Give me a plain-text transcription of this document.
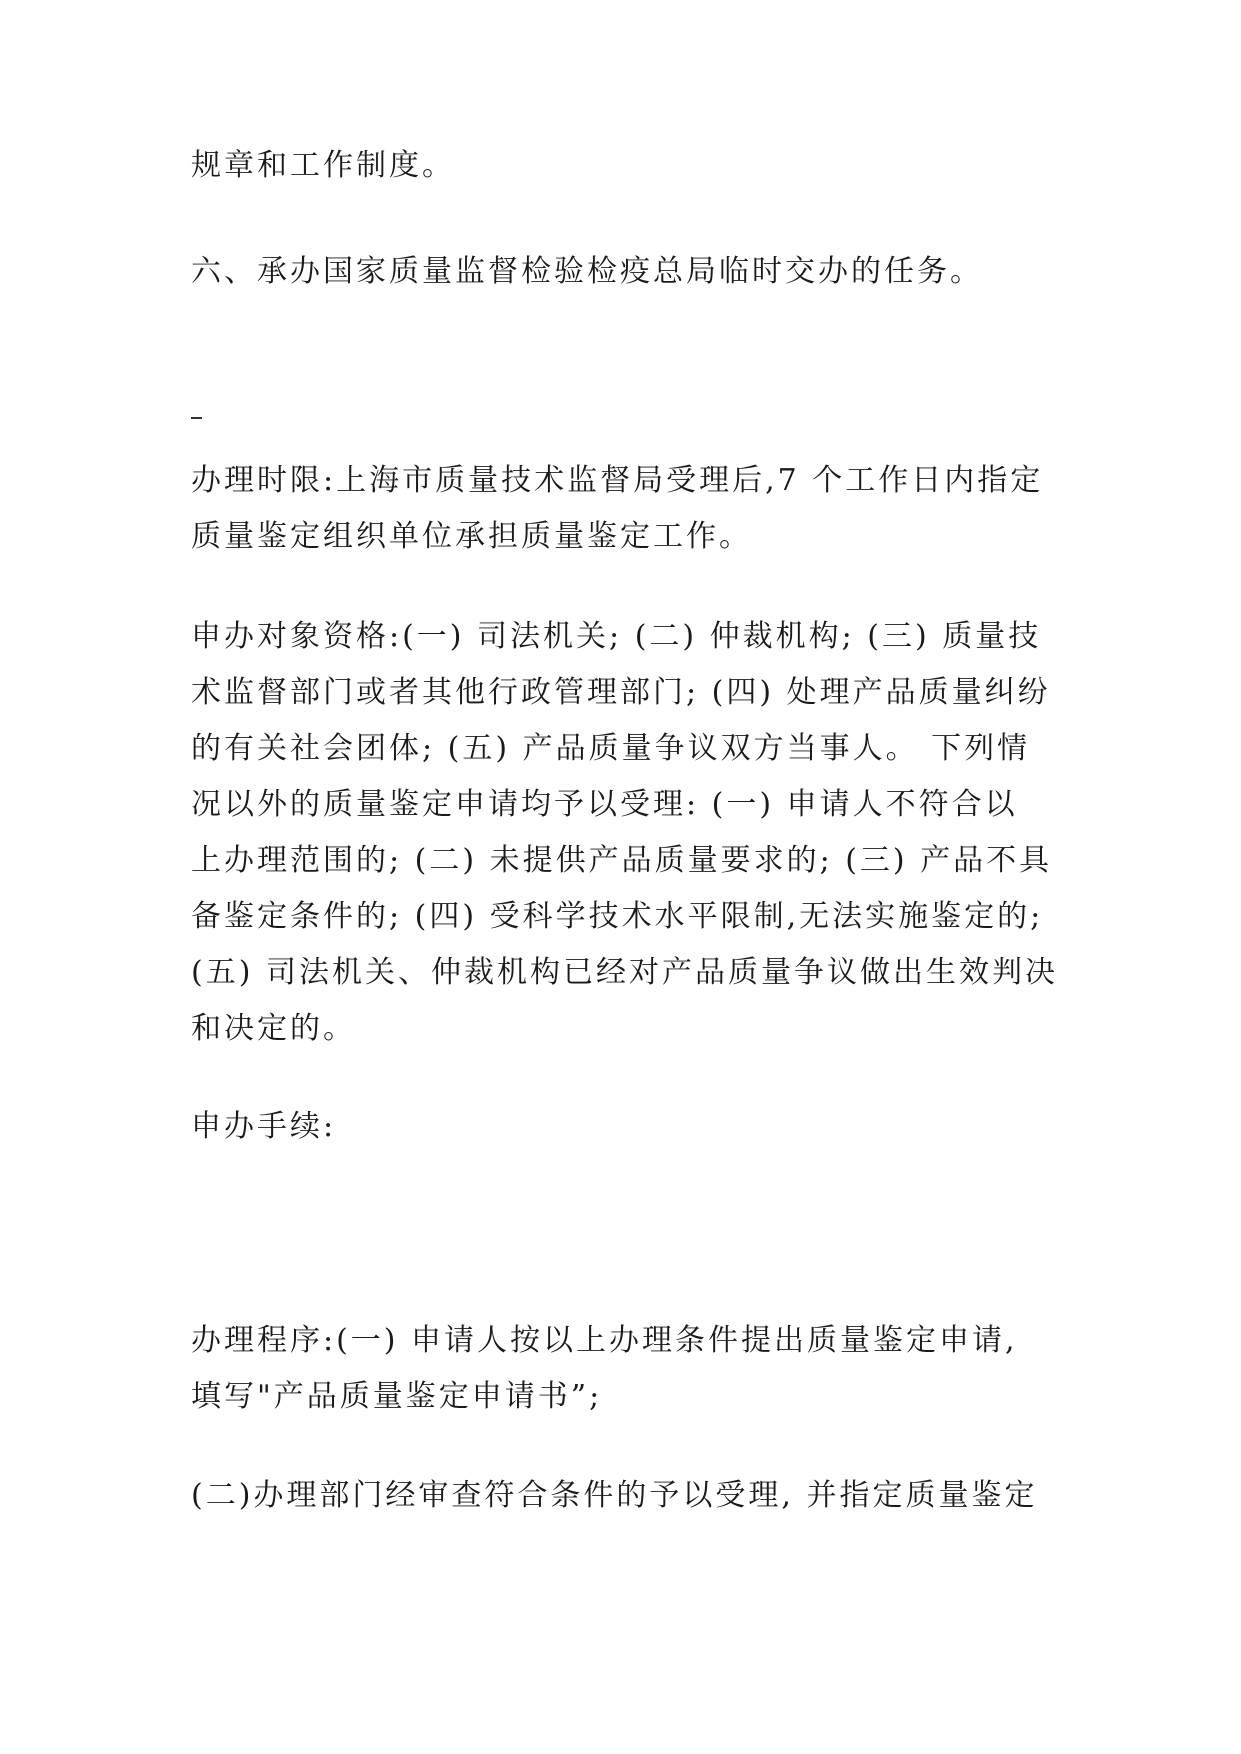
规章和工作制度。
六、承办国家质量监督检验检疫总局临时交办的任务。
办理时限:上海市质量技术监督局受理后,7 个工作日内指定
质量鉴定组织单位承担质量鉴定工作。
申办对象资格:(一) 司法机关; (二) 仲裁机构; (三) 质量技
术监督部门或者其他行政管理部门; (四) 处理产品质量纠纷
的有关社会团体; (五) 产品质量争议双方当事人。 下列情
况以外的质量鉴定申请均予以受理: (一) 申请人不符合以
上办理范围的; (二) 未提供产品质量要求的; (三) 产品不具
备鉴定条件的; (四) 受科学技术水平限制,无法实施鉴定的;
(五) 司法机关、仲裁机构已经对产品质量争议做出生效判决
和决定的。
申办手续:
办理程序:(一) 申请人按以上办理条件提出质量鉴定申请,
填写"产品质量鉴定申请书”;
(二)办理部门经审查符合条件的予以受理, 并指定质量鉴定
